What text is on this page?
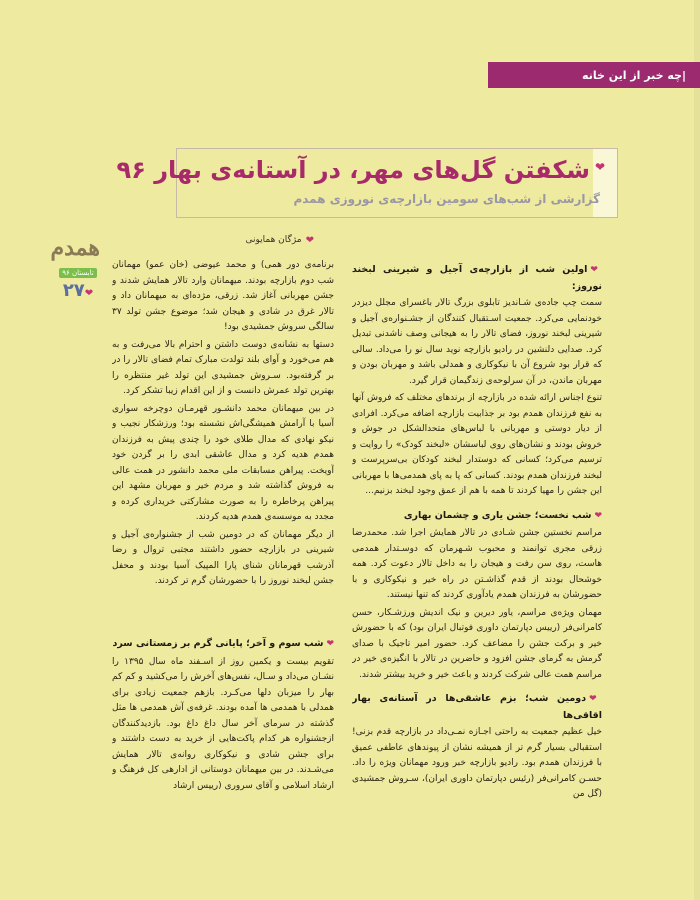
|چه خبر از این خانه
❤
شکفتن گل‌های مهر، در آستانه‌ی بهار ۹۶

گزارشی از شب‌های سومین بازارچه‌ی نوروزی همدم

❤
مژگان همایونی
همدم
تابستان ۹۶
❤۲۷
❤اولین شب از بازارچه‌ی آجیل و شیرینی لبخند نوروز:

سمت چپ جاده‌ی شـاندیز تابلوی بزرگ تالار باغسرای مجلل دیزدر خودنمایی می‌کرد. جمعیت اسـتقبال کنندگان از جشـنواره‌ی آجیل و شیرینی لبخند نوروز، فضای تالار را به هیجانی وصف ناشدنی تبدیل کرد. صدایی دلنشین در رادیو بازارچه نوید سال نو را می‌داد. سالی که قرار بود شروع آن با نیکوکاری و همدلی باشد و مهربان بودن و مهربان ماندن، در آن سرلوحه‌ی زندگیمان قرار گیرد.

تنوع اجناس ارائه شده در بازارچه از برندهای مختلف که فروش آنها به نفع فرزندان همدم بود بر جذابیت بازارچه اضافه می‌کرد. افرادی از دیار دوستی و مهربانی با لباس‌های متحدالشکل در جوش و خروش بودند و نشان‌های روی لباسشان «لبخند کودک» را روایت و ترسیم می‌کرد؛ کسانی که دوستدار لبخند کودکان بی‌سرپرست و لبخند فرزندان همدم بودند. کسانی که پا به پای همدمی‌ها با مهربانی این جشن را مهیا کردند تا همه با هم از عمق وجود لبخند بزنیم...

❤شب نخست؛ جشن یاری و چشمان بهاری

مراسم نخستین جشن شـادی در تالار همایش اجرا شد. محمدرضا زرقی مجری توانمند و محبوب شـهرمان که دوسـتدار همدمی هاست، روی سن رفت و هیجان را به داخل تالار دعوت کرد. همه خوشحال بودند از قدم گذاشـتن در راه خیر و نیکوکاری و با حضورشان به فرزندان همدم یادآوری کردند که تنها نیستند.

مهمان ویژه‌ی مراسم، یاور دیرین و نیک اندیش ورزشـکار، حسن کامرانی‌فر (رییس دپارتمان داوری فوتبال ایران بود) که با حضورش خیر و برکت جشن را مضاعف کرد. حضور امیر تاجیک با صدای گرمش به گرمای جشن افزود و حاضرین در تالار با انگیزه‌ی خیر در مراسم همت عالی شرکت کردند و باعث خیر و خرید بیشتر شدند.

❤دومین شب؛ بزم عاشقی‌ها در آستانه‌ی بهار اقاقی‌ها

خیل عظیم جمعیت به راحتی اجـازه نمـی‌داد در بازارچه قدم بزنی! استقبالی بسیار گرم تر از همیشه نشان از پیوندهای عاطفی عمیق با فرزندان همدم بود. رادیو بازارچه خبر ورود مهمانان ویژه را داد. حسـن کامرانی‌فر (رئیس دپارتمان داوری ایران)، سـروش جمشیدی (گل من

برنامه‌ی دور همی) و محمد عیوضی (خان عمو) مهمانان شب دوم بازارچه بودند. میهمانان وارد تالار همایش شدند و جشن مهربانی آغاز شد. زرقی، مژده‌ای به میهمانان داد و تالار غرق در شادی و هیجان شد؛ موضوع جشن تولد ۳۷ سالگی سروش جمشیدی بود!

دستها به نشانه‌ی دوست داشتن و احترام بالا می‌رفت و به هم می‌خورد و آوای بلند تولدت مبارک تمام فضای تالار را در بر گرفته‌بود. سـروش جمشیدی این تولد غیر منتظره را بهترین تولد عمرش دانست و از این اقدام زیبا تشکر کرد.

در بین میهمانان محمد دانشـور قهرمـان دوچرخه سواری آسیا با آرامش همیشگی‌اش نشسته بود؛ ورزشکار نجیب و نیکو نهادی که مدال طلای خود را چندی پیش به فرزندان همدم هدیه کرد و مدال عاشقی ابدی را بر گردن خود آویخت. پیراهن مسابقات ملی محمد دانشور در همت عالی به فروش گذاشته شد و مردم خیر و مهربان مشهد این پیراهن پرخاطره را به صورت مشارکتی خریداری کرده و مجدد به موسسه‌ی همدم هدیه کردند.

از دیگر مهمانان که در دومین شب از جشنواره‌ی آجیل و شیرینی در بازارچه حضور داشتند مجتبی تروال و رضا آذرشب قهرمانان شنای پارا المپیک آسیا بودند و محفل جشن لبخند نوروز را با حضورشان گرم تر کردند.

❤شب سوم و آخر؛ پایانی گرم بر زمستانی سرد

تقویم بیست و یکمین روز از اسـفند ماه سال ۱۳۹۵ را نشـان می‌داد و سـال، نفس‌های آخرش را می‌کشید و کم کم بهار را میزبان دلها می‌کـرد. بازهم جمعیت زیادی برای همدلی با همدمی ها آمده بودند. غرفه‌ی آش همدمی ها مثل گذشته در سرمای آخر سال داغ داغ بود. بازدیدکنندگان ازجشنواره هر کدام پاکت‌هایی از خرید به دست داشتند و برای جشن شادی و نیکوکاری روانه‌ی تالار همایش می‌شـدند. در بین میهمانان دوستانی از ادارهی کل فرهنگ و ارشاد اسلامی و آقای سروری (رییس ارشاد
